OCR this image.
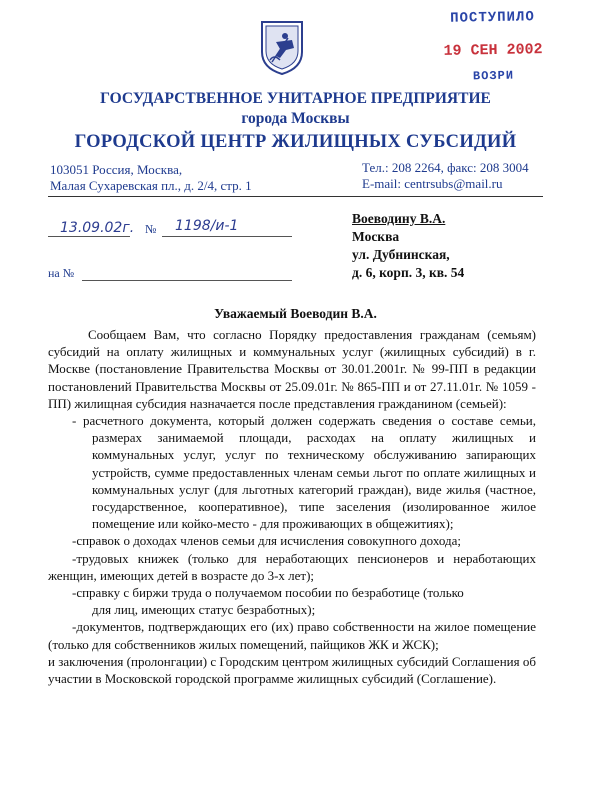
ПОСТУПИЛО
19 СЕН 2002
ВОЗРИ
ГОСУДАРСТВЕННОЕ УНИТАРНОЕ ПРЕДПРИЯТИЕ
города Москвы
ГОРОДСКОЙ ЦЕНТР ЖИЛИЩНЫХ СУБСИДИЙ
103051 Россия, Москва,
Малая Сухаревская пл., д. 2/4, стр. 1
Тел.: 208 2264, факс: 208 3004
E-mail: centrsubs@mail.ru
13.09.02г. № 1198/и-1
на №
Воеводину В.А.
Москва
ул. Дубнинская,
д. 6, корп. 3, кв. 54
Уважаемый Воеводин В.А.

Сообщаем Вам, что согласно Порядку предоставления гражданам (семьям) субсидий на оплату жилищных и коммунальных услуг (жилищных субсидий) в г. Москве (постановление Правительства Москвы от 30.01.2001г. № 99-ПП в редакции постановлений Правительства Москвы от 25.09.01г. № 865-ПП и от 27.11.01г. № 1059 - ПП) жилищная субсидия назначается после представления гражданином (семьей):

- расчетного документа, который должен содержать сведения о составе семьи, размерах занимаемой площади, расходах на оплату жилищных и коммунальных услуг, услуг по техническому обслуживанию запирающих устройств, сумме предоставленных членам семьи льгот по оплате жилищных и коммунальных услуг (для льготных категорий граждан), виде жилья (частное, государственное, кооперативное), типе заселения (изолированное жилое помещение или койко-место - для проживающих в общежитиях);

-справок о доходах членов семьи для исчисления совокупного дохода;

-трудовых книжек (только для неработающих пенсионеров и неработающих женщин, имеющих детей в возрасте до 3-х лет);

-справку с биржи труда о получаемом пособии по безработице (только

для лиц, имеющих статус безработных);

-документов, подтверждающих его (их) право собственности на жилое помещение (только для собственников жилых помещений, пайщиков ЖК и ЖСК);

и заключения (пролонгации) с Городским центром жилищных субсидий Соглашения об участии в Московской городской программе жилищных субсидий (Соглашение).
